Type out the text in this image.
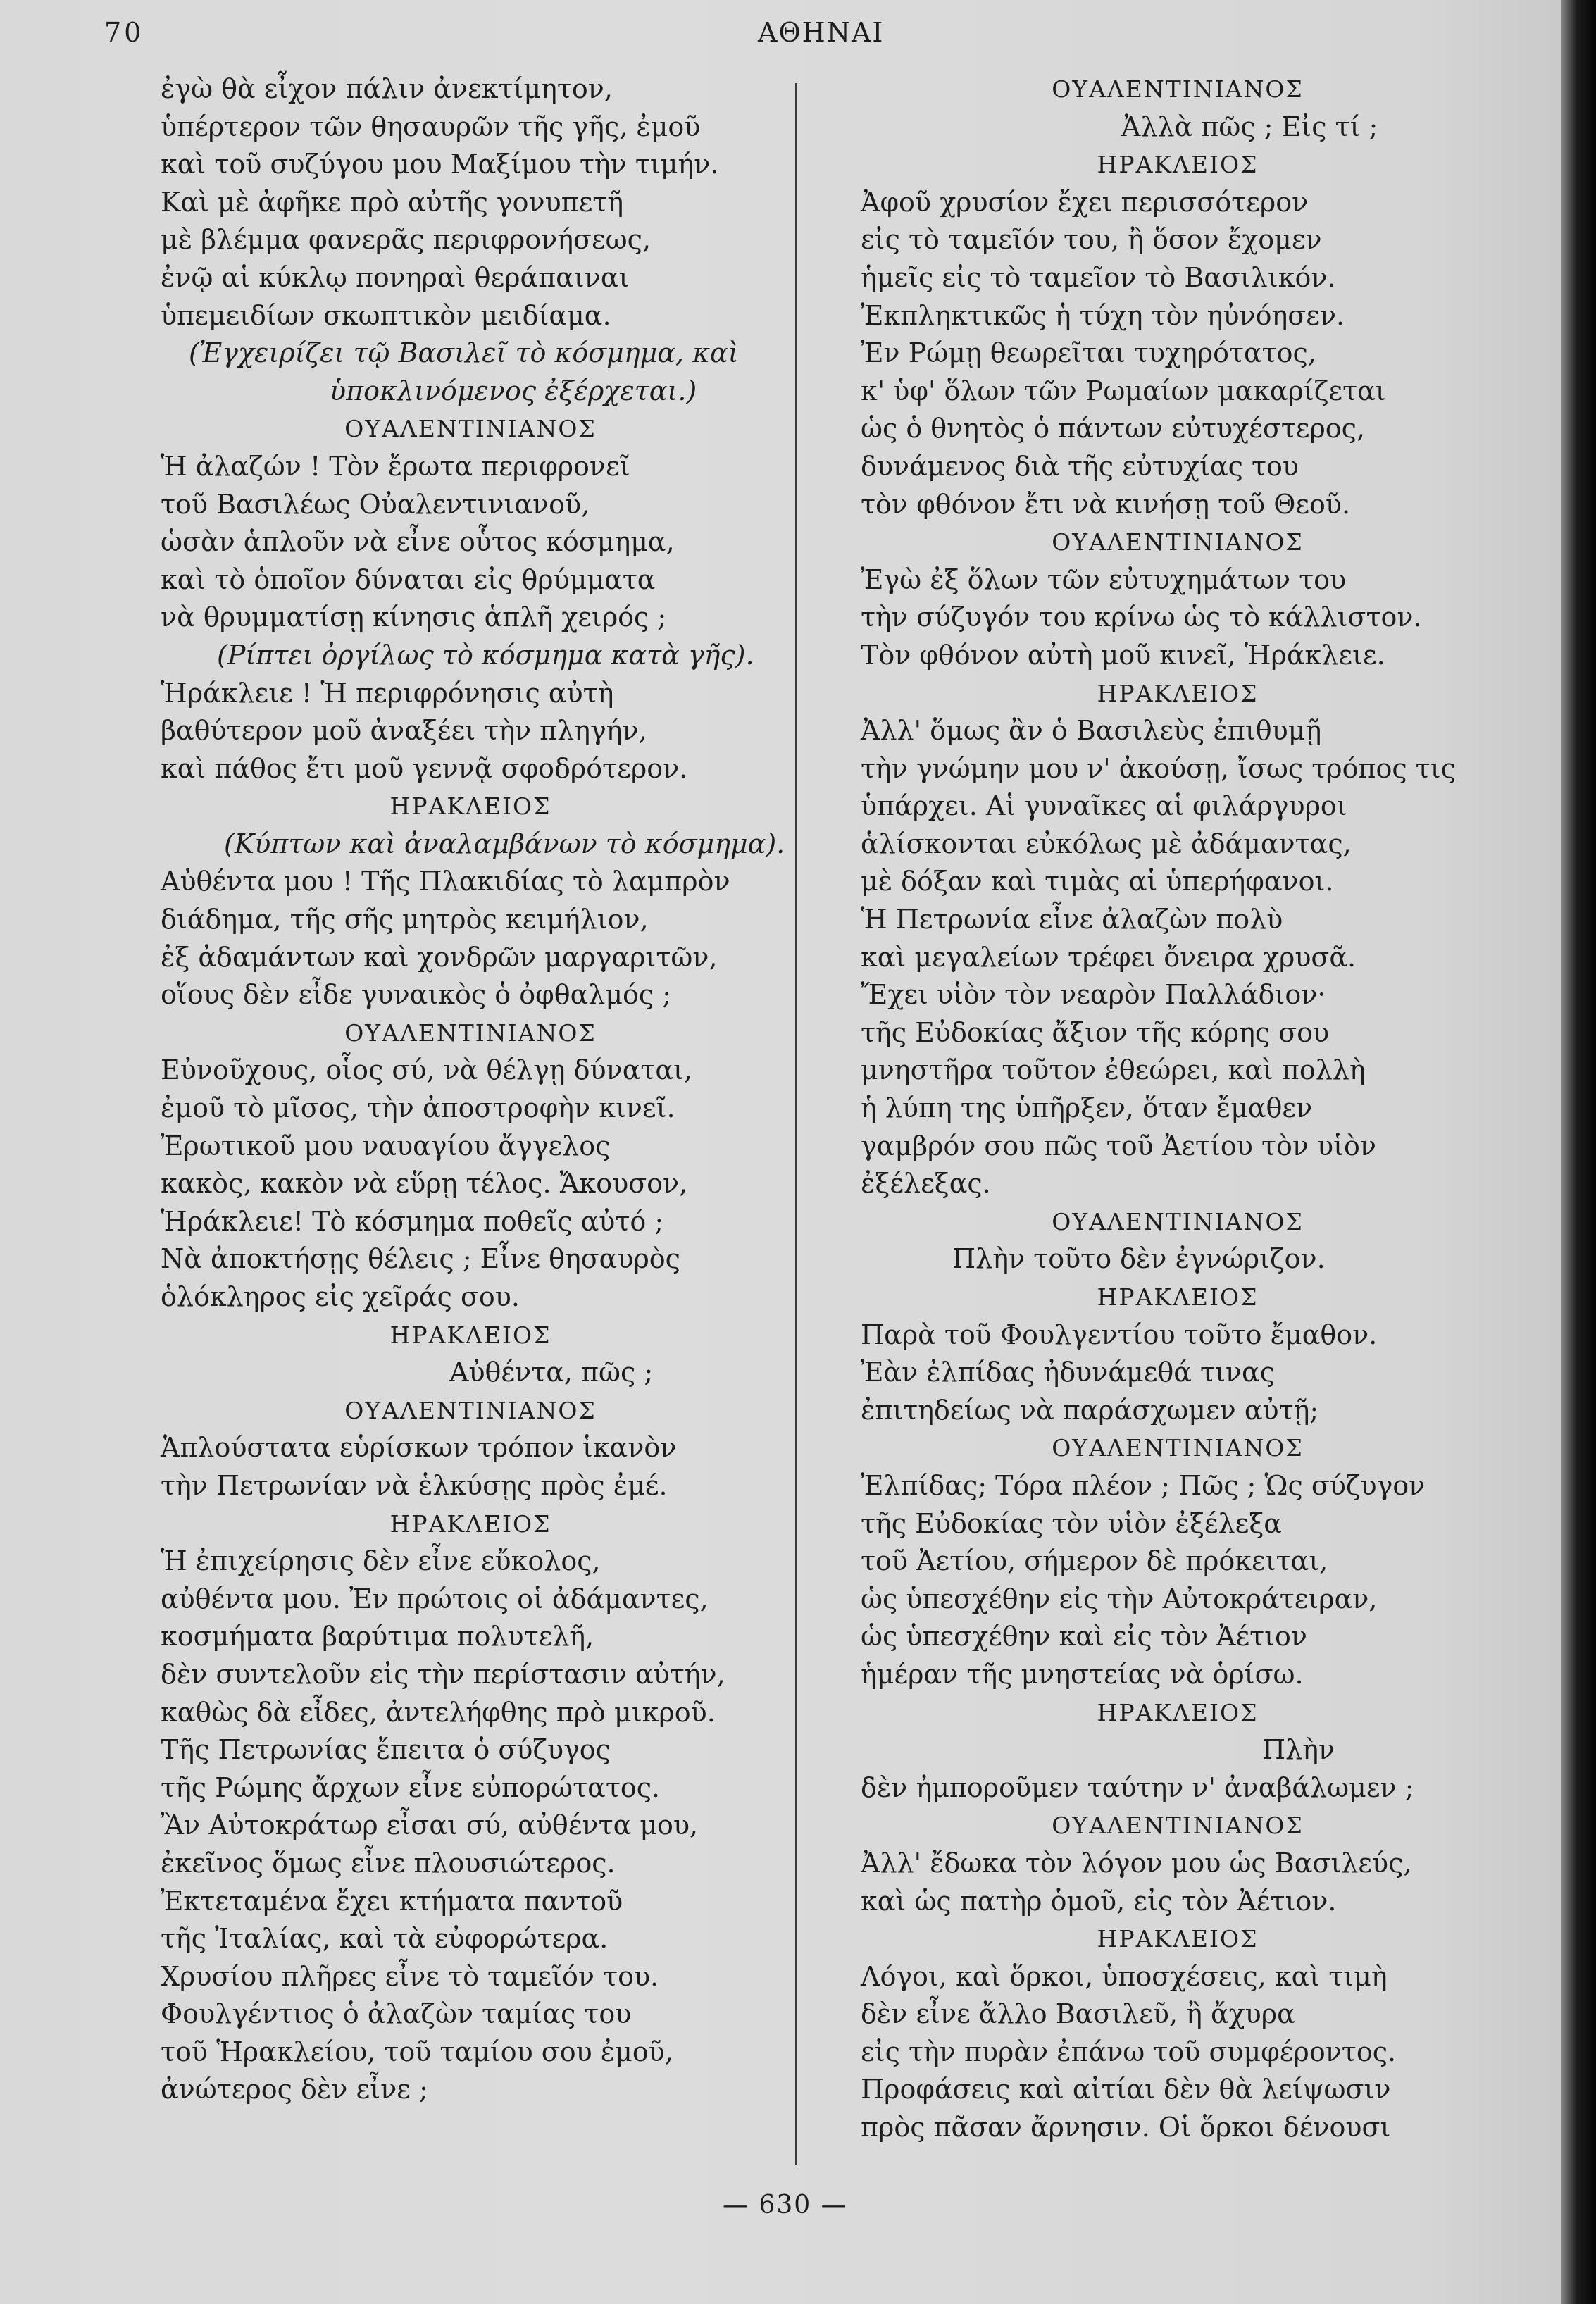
70	ΑΘΗΝΑΙ
ἐγὼ θὰ εἶχον πάλιν ἀνεκτίμητον,
ὑπέρτερον τῶν θησαυρῶν τῆς γῆς, ἐμοῦ
καὶ τοῦ συζύγου μου Μαξίμου τὴν τιμήν.
Καὶ μὲ ἀφῆκε πρὸ αὐτῆς γονυπετῆ
μὲ βλέμμα φανερᾶς περιφρονήσεως,
ἐνῷ αἱ κύκλῳ πονηραὶ θεράπαιναι
ὑπεμειδίων σκωπτικὸν μειδίαμα.
(Ἐγχειρίζει τῷ Βασιλεῖ τὸ κόσμημα, καὶ
ὑποκλινόμενος ἐξέρχεται.)
ΟΥΑΛΕΝΤΙΝΙΑΝΟΣ
Ἡ ἀλαζών ! Τὸν ἔρωτα περιφρονεῖ
τοῦ Βασιλέως Οὐαλεντινιανοῦ,
ὡσὰν ἁπλοῦν νὰ εἶνε οὗτος κόσμημα,
καὶ τὸ ὁποῖον δύναται εἰς θρύμματα
νὰ θρυμματίσῃ κίνησις ἁπλῆ χειρός ;
(Ρίπτει ὀργίλως τὸ κόσμημα κατὰ γῆς).
Ἡράκλειε ! Ἡ περιφρόνησις αὐτὴ
βαθύτερον μοῦ ἀναξέει τὴν πληγήν,
καὶ πάθος ἔτι μοῦ γεννᾷ σφοδρότερον.
ΗΡΑΚΛΕΙΟΣ
(Κύπτων καὶ ἀναλαμβάνων τὸ κόσμημα).
Αὐθέντα μου ! Τῆς Πλακιδίας τὸ λαμπρὸν
διάδημα, τῆς σῆς μητρὸς κειμήλιον,
ἐξ ἀδαμάντων καὶ χονδρῶν μαργαριτῶν,
οἵους δὲν εἶδε γυναικὸς ὁ ὀφθαλμός ;
ΟΥΑΛΕΝΤΙΝΙΑΝΟΣ
Εὐνοῦχους, οἷος σύ, νὰ θέλγῃ δύναται,
ἐμοῦ τὸ μῖσος, τὴν ἀποστροφὴν κινεῖ.
Ἐρωτικοῦ μου ναυαγίου ἄγγελος
κακὸς, κακὸν νὰ εὕρῃ τέλος. Ἄκουσον,
Ἡράκλειε! Τὸ κόσμημα ποθεῖς αὐτό ;
Νὰ ἀποκτήσῃς θέλεις ; Εἶνε θησαυρὸς
ὁλόκληρος εἰς χεῖράς σου.
ΗΡΑΚΛΕΙΟΣ
Αὐθέντα, πῶς ;
ΟΥΑΛΕΝΤΙΝΙΑΝΟΣ
Ἁπλούστατα εὑρίσκων τρόπον ἱκανὸν
τὴν Πετρωνίαν νὰ ἑλκύσῃς πρὸς ἐμέ.
ΗΡΑΚΛΕΙΟΣ
Ἡ ἐπιχείρησις δὲν εἶνε εὔκολος,
αὐθέντα μου. Ἐν πρώτοις οἱ ἀδάμαντες,
κοσμήματα βαρύτιμα πολυτελῆ,
δὲν συντελοῦν εἰς τὴν περίστασιν αὐτήν,
καθὼς δὰ εἶδες, ἀντελήφθης πρὸ μικροῦ.
Τῆς Πετρωνίας ἔπειτα ὁ σύζυγος
τῆς Ρώμης ἄρχων εἶνε εὐπορώτατος.
Ἂν Αὐτοκράτωρ εἶσαι σύ, αὐθέντα μου,
ἐκεῖνος ὅμως εἶνε πλουσιώτερος.
Ἐκτεταμένα ἔχει κτήματα παντοῦ
τῆς Ἰταλίας, καὶ τὰ εὐφορώτερα.
Χρυσίου πλῆρες εἶνε τὸ ταμεῖόν του.
Φουλγέντιος ὁ ἀλαζὼν ταμίας του
τοῦ Ἡρακλείου, τοῦ ταμίου σου ἐμοῦ,
ἀνώτερος δὲν εἶνε ;
ΟΥΑΛΕΝΤΙΝΙΑΝΟΣ
Ἀλλὰ πῶς ; Εἰς τί ;
ΗΡΑΚΛΕΙΟΣ
Ἀφοῦ χρυσίον ἔχει περισσότερον
εἰς τὸ ταμεῖόν του, ἢ ὅσον ἔχομεν
ἡμεῖς εἰς τὸ ταμεῖον τὸ Βασιλικόν.
Ἐκπληκτικῶς ἡ τύχη τὸν ηὐνόησεν.
Ἐν Ρώμῃ θεωρεῖται τυχηρότατος,
κ' ὑφ' ὅλων τῶν Ρωμαίων μακαρίζεται
ὡς ὁ θνητὸς ὁ πάντων εὐτυχέστερος,
δυνάμενος διὰ τῆς εὐτυχίας του
τὸν φθόνον ἔτι νὰ κινήσῃ τοῦ Θεοῦ.
ΟΥΑΛΕΝΤΙΝΙΑΝΟΣ
Ἐγὼ ἐξ ὅλων τῶν εὐτυχημάτων του
τὴν σύζυγόν του κρίνω ὡς τὸ κάλλιστον.
Τὸν φθόνον αὐτὴ μοῦ κινεῖ, Ἡράκλειε.
ΗΡΑΚΛΕΙΟΣ
Ἀλλ' ὅμως ἂν ὁ Βασιλεὺς ἐπιθυμῇ
τὴν γνώμην μου ν' ἀκούσῃ, ἴσως τρόπος τις
ὑπάρχει. Αἱ γυναῖκες αἱ φιλάργυροι
ἁλίσκονται εὐκόλως μὲ ἀδάμαντας,
μὲ δόξαν καὶ τιμὰς αἱ ὑπερήφανοι.
Ἡ Πετρωνία εἶνε ἀλαζὼν πολὺ
καὶ μεγαλείων τρέφει ὄνειρα χρυσᾶ.
Ἔχει υἱὸν τὸν νεαρὸν Παλλάδιον·
τῆς Εὐδοκίας ἄξιον τῆς κόρης σου
μνηστῆρα τοῦτον ἐθεώρει, καὶ πολλὴ
ἡ λύπη της ὑπῆρξεν, ὅταν ἔμαθεν
γαμβρόν σου πῶς τοῦ Ἀετίου τὸν υἱὸν
ἐξέλεξας.
ΟΥΑΛΕΝΤΙΝΙΑΝΟΣ
Πλὴν τοῦτο δὲν ἐγνώριζον.
ΗΡΑΚΛΕΙΟΣ
Παρὰ τοῦ Φουλγεντίου τοῦτο ἔμαθον.
Ἐὰν ἐλπίδας ἠδυνάμεθά τινας
ἐπιτηδείως νὰ παράσχωμεν αὐτῇ;
ΟΥΑΛΕΝΤΙΝΙΑΝΟΣ
Ἐλπίδας; Τόρα πλέον ; Πῶς ; Ὡς σύζυγον
τῆς Εὐδοκίας τὸν υἱὸν ἐξέλεξα
τοῦ Ἀετίου, σήμερον δὲ πρόκειται,
ὡς ὑπεσχέθην εἰς τὴν Αὐτοκράτειραν,
ὡς ὑπεσχέθην καὶ εἰς τὸν Ἀέτιον
ἡμέραν τῆς μνηστείας νὰ ὁρίσω.
ΗΡΑΚΛΕΙΟΣ
Πλὴν
δὲν ἠμποροῦμεν ταύτην ν' ἀναβάλωμεν ;
ΟΥΑΛΕΝΤΙΝΙΑΝΟΣ
Ἀλλ' ἔδωκα τὸν λόγον μου ὡς Βασιλεύς,
καὶ ὡς πατὴρ ὁμοῦ, εἰς τὸν Ἀέτιον.
ΗΡΑΚΛΕΙΟΣ
Λόγοι, καὶ ὅρκοι, ὑποσχέσεις, καὶ τιμὴ
δὲν εἶνε ἄλλο Βασιλεῦ, ἢ ἄχυρα
εἰς τὴν πυρὰν ἐπάνω τοῦ συμφέροντος.
Προφάσεις καὶ αἰτίαι δὲν θὰ λείψωσιν
πρὸς πᾶσαν ἄρνησιν. Οἱ ὅρκοι δένουσι
— 630 —
